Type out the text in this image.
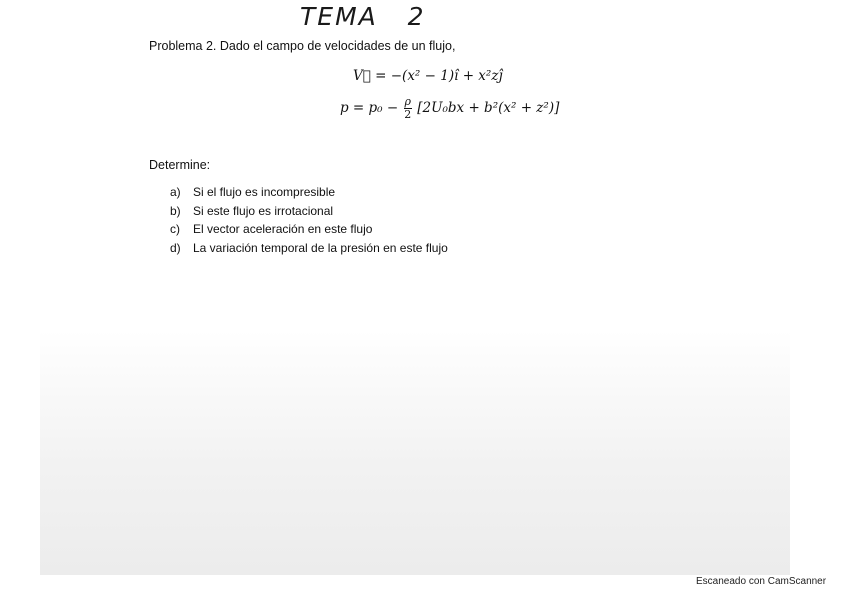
TEMA   2
Problema 2. Dado el campo de velocidades de un flujo,
V⃗ = −(x² − 1)î + x²zĵ
$p = p_0 - \frac{\rho}{2} [2U_0bx + b^2(x^2 + z^2)]$
Determine:
a) Si el flujo es incompresible
b) Si este flujo es irrotacional
c) El vector aceleración en este flujo
d) La variación temporal de la presión en este flujo
Escaneado con CamScanner
